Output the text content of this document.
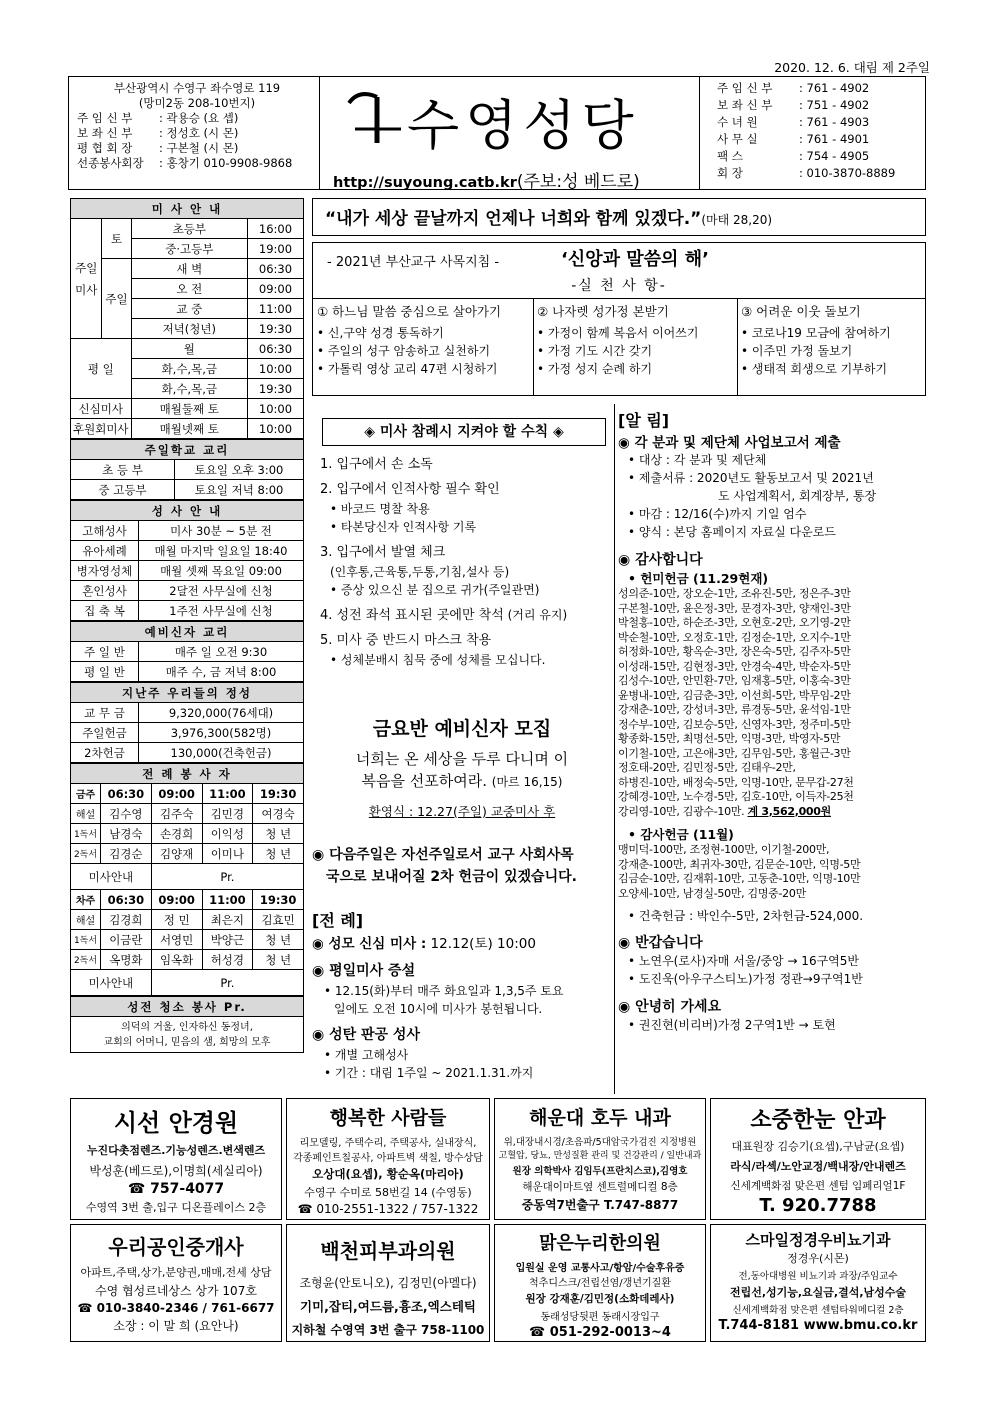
2020. 12. 6. 대림 제 2주일
부산광역시 수영구 좌수영로 119
(망미2동 208-10번지)
주 임 신 부 : 곽용승 (요 셉)
보 좌 신 부 : 정성호 (시 몬)
평 협 회 장 : 구본철 (시 몬)
선종봉사회장 : 홍창기 010-9908-9868
수영성당
http://suyoung.catb.kr(주보:성 베드로)
주 임 신 부 : 761 - 4902
보 좌 신 부 : 751 - 4902
수 녀 원	: 761 - 4903
사 무 실	: 761 - 4901
팩 스	: 754 - 4905
회 장	: 010-3870-8889
미 사 안 내			
주일미사	토	초등부	16:00
		중·고등부	19:00
	주일	새 벽	06:30
		오 전	09:00
		교 중	11:00
		저녁(청년)	19:30
평 일		월	06:30
		화,수,목,금	10:00
		화,수,목,금	19:30
신심미사		매월둘째 토	10:00
후원회미사		매월넷째 토	10:00
주일학교 교리	
초 등 부	토요일 오후 3:00
중 고등부	토요일 저녁 8:00
성 사 안 내	
고해성사	미사 30분 ~ 5분 전
유아세례	매월 마지막 일요일 18:40
병자영성체	매월 셋째 목요일 09:00
혼인성사	2달전 사무실에 신청
집 축 복	1주전 사무실에 신청
예비신자 교리	
주 일 반	매주 일 오전 9:30
평 일 반	매주 수, 금 저녁 8:00
지난주 우리들의 정성	
교 무 금	9,320,000(76세대)
주일헌금	3,976,300(582명)
2차헌금	130,000(건축헌금)
전 례 봉 사 자				
금주	06:30	09:00	11:00	19:30
해설	김수영	김주숙	김민경	여경숙
1독서	남경숙	손경희	이익성	청 년
2독서	김경순	김양재	이미나	청 년
미사안내		Pr.		
차주	06:30	09:00	11:00	19:30
해설	김경희	정 민	최은지	김효민
1독서	이금란	서영민	박양근	청 년
2독서	옥명화	임옥화	허성경	청 년
미사안내		Pr.		
성전 청소 봉사 Pr.

의덕의 거울, 인자하신 동정녀,
교회의 어머니, 믿음의 샘, 희망의 모후
“내가 세상 끝날까지 언제나 너희와 함께 있겠다.”(마태 28,20)
- 2021년 부산교구 사목지침 -	‘신앙과 말씀의 해’
-실 천 사 항-
① 하느님 말씀 중심으로 살아가기
• 신,구약 성경 통독하기
• 주일의 성구 암송하고 실천하기
• 가톨릭 영상 교리 47편 시청하기
② 나자렛 성가정 본받기
• 가정이 함께 복음서 이어쓰기
• 가정 기도 시간 갖기
• 가정 성지 순례 하기
③ 어려운 이웃 돌보기
• 코로나19 모금에 참여하기
• 이주민 가정 돌보기
• 생태적 회생으로 기부하기
◈ 미사 참례시 지켜야 할 수칙 ◈
1. 입구에서 손 소독
2. 입구에서 인적사항 필수 확인
• 바코드 명찰 착용
• 타본당신자 인적사항 기록
3. 입구에서 발열 체크
(인후통,근육통,두통,기침,설사 등)
• 증상 있으신 분 집으로 귀가(주일관면)
4. 성전 좌석 표시된 곳에만 착석 (거리 유지)
5. 미사 중 반드시 마스크 착용
• 성체분배시 침묵 중에 성체를 모십니다.
금요반 예비신자 모집
너희는 온 세상을 두루 다니며 이
복음을 선포하여라. (마르 16,15)
환영식 : 12.27(주일) 교중미사 후
◉ 다음주일은 자선주일로서 교구 사회사목
국으로 보내어질 2차 헌금이 있겠습니다.
[전 례]
◉ 성모 신심 미사 : 12.12(토) 10:00
◉ 평일미사 증설
• 12.15(화)부터 매주 화요일과 1,3,5주 토요
일에도 오전 10시에 미사가 봉헌됩니다.
◉ 성탄 판공 성사
• 개별 고해성사
• 기간 : 대림 1주일 ~ 2021.1.31.까지
[알 림]
◉ 각 분과 및 제단체 사업보고서 제출
• 대상 : 각 분과 및 제단체
• 제출서류 : 2020년도 활동보고서 및 2021년
도 사업계획서, 회계장부, 통장
• 마감 : 12/16(수)까지 기일 엄수
• 양식 : 본당 홈페이지 자료실 다운로드
◉ 감사합니다
• 헌미헌금 (11.29현재)
성의준-10만, 장오순-1만, 조유진-5만, 정은주-3만
구본철-10만, 윤은정-3만, 문경자-3만, 양재인-3만
박철홍-10만, 하순조-3만, 오현호-2만, 오기영-2만
박순철-10만, 오정호-1만, 김정순-1만, 오지수-1만
허정화-10만, 황옥순-3만, 장은숙-5만, 김주자-5만
이성래-15만, 김현정-3만, 안경숙-4만, 박순자-5만
김성수-10만, 안민환-7만, 임재홍-5만, 이홍숙-3만
윤병내-10만, 김금춘-3만, 이선희-5만, 박무임-2만
강재춘-10만, 강성녀-3만, 류경동-5만, 윤석임-1만
정수부-10만, 김보승-5만, 신영자-3만, 정주미-5만
황종화-15만, 최명선-5만, 익명-3만, 박영자-5만
이기철-10만, 고은애-3만, 김무임-5만, 홍월근-3만
정호태-20만, 김민정-5만, 김태우-2만,
하병진-10만, 배정숙-5만, 익명-10만, 문무갑-27천
강혜경-10만, 노수경-5만, 김호-10만, 이득자-25천
강리영-10만, 김광수-10만. 계 3,562,000원
• 감사헌금 (11월)
맹미덕-100만, 조정현-100만, 이기철-200만,
강재춘-100만, 최귀자-30만, 김문순-10만, 익명-5만
김금순-10만, 김재휘-10만, 고동춘-10만, 익명-10만
오양세-10만, 남경실-50만, 김명중-20만
• 건축헌금 : 박인수-5만, 2차헌금-524,000.
◉ 반갑습니다
• 노연우(로사)자매 서울/중앙 → 16구역5반
• 도진욱(아우구스티노)가정 정관→9구역1반
◉ 안녕히 가세요
• 권진현(비리버)가정 2구역1반 → 토현
시선 안경원
누진다촛점렌즈.기능성렌즈.변색렌즈
박성훈(베드로),이명희(세실리아)
☎ 757-4077
수영역 3번 출,입구 디온플레이스 2층
행복한 사람들
리모델링, 주택수리, 주택공사, 실내장식,
각종페인트칠공사, 아파트벽 색칠, 방수상담
오상대(요셉), 황순옥(마리아)
수영구 수미로 58번길 14 (수영동)
☎ 010-2551-1322 / 757-1322
해운대 호두 내과
위,대장내시경/초음파/5대암국가검진 지정병원
고혈압, 당뇨, 만성질환 관리 및 건강관리 / 일반내과
원장 의학박사 김임두(프란치스코),김영호
해운대이마트옆 센트럴메디컬 8층
중동역7번출구 T.747-8877
소중한눈 안과
대표원장 김승기(요셉),구남균(요셉)
라식/라섹/노안교정/백내장/안내렌즈
신세계백화점 맞은편 센텀 임페리얼1F
T. 920.7788
우리공인중개사
아파트,주택,상가,분양권,매매,전세 상담
수영 협성르네상스 상가 107호
☎ 010-3840-2346 / 761-6677
소장 : 이 말 희 (요안나)
백천피부과의원
조형윤(안토니오), 김정민(아멜다)
기미,잡티,여드름,흉조,엑스테틱
지하철 수영역 3번 출구 758-1100
맑은누리한의원
입원실 운영 교통사고/항암/수술후유증
척추디스크/전립선염/갱년기질환
원장 강재훈/김민정(소화데레사)
동래성당뒷편 동래시장입구
☎ 051-292-0013~4
스마일정경우비뇨기과
정경우(시몬)
전,동아대병원 비뇨기과 과장/주임교수
전립선,성기능,요실금,결석,남성수술
신세계백화점 맞은편 센텀타워메디컬 2층
T.744-8181 www.bmu.co.kr
